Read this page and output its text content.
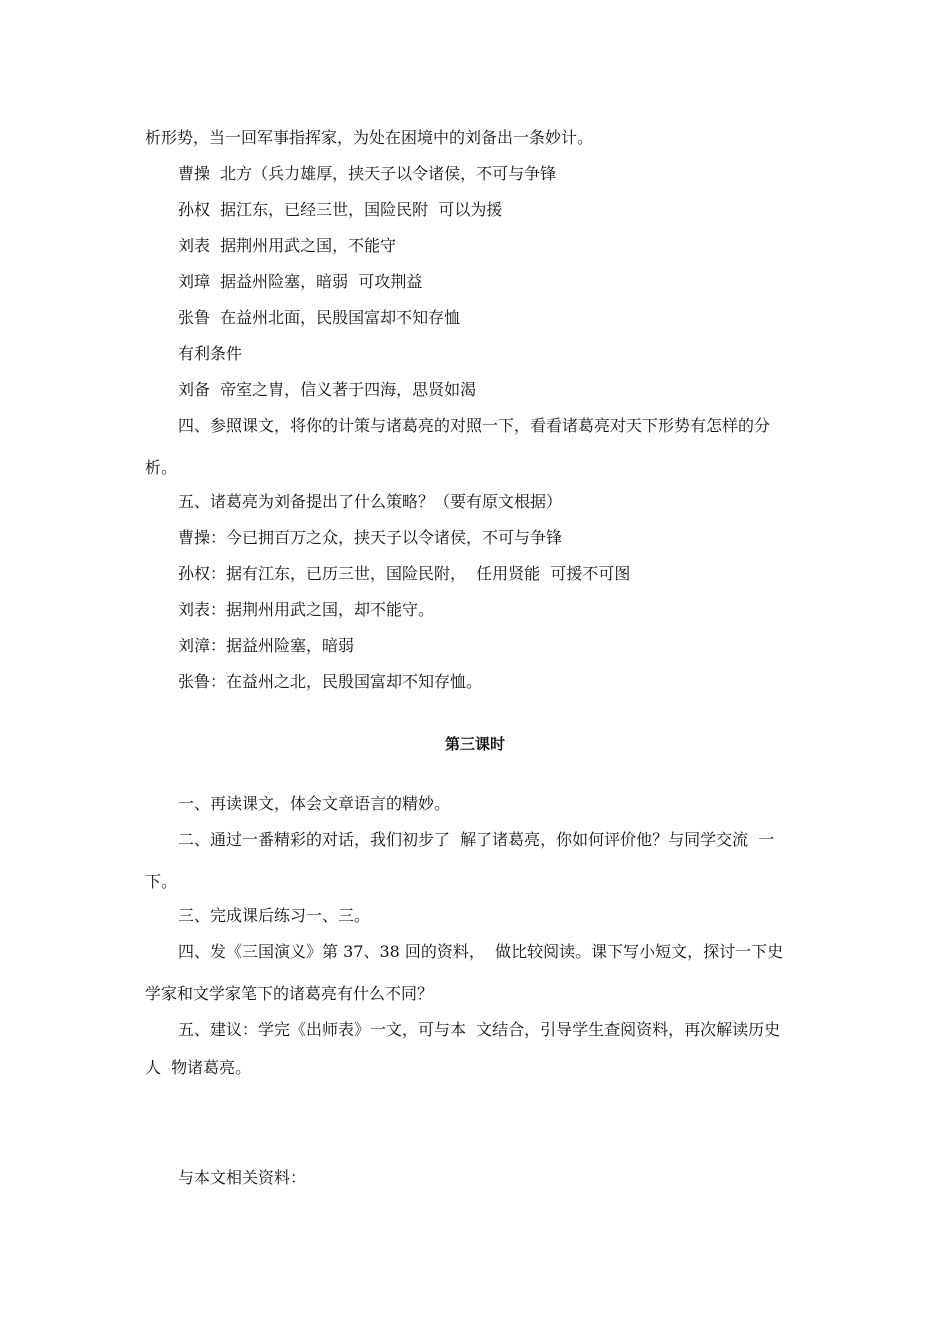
析形势，当一回军事指挥家，为处在困境中的刘备出一条妙计。
曹操  北方（兵力雄厚，挟天子以令诸侯，不可与争锋
孙权  据江东，已经三世，国险民附  可以为援
刘表  据荆州用武之国，不能守
刘璋  据益州险塞，暗弱  可攻荆益
张鲁  在益州北面，民殷国富却不知存恤
有利条件
刘备  帝室之胄，信义著于四海，思贤如渴
四、参照课文，将你的计策与诸葛亮的对照一下，看看诸葛亮对天下形势有怎样的分
析。
五、诸葛亮为刘备提出了什么策略？（要有原文根据）
曹操：今已拥百万之众，挟天子以令诸侯，不可与争锋
孙权：据有江东，已历三世，国险民附，  任用贤能  可援不可图
刘表：据荆州用武之国，却不能守。
刘漳：据益州险塞，暗弱
张鲁：在益州之北，民殷国富却不知存恤。
第三课时
一、再读课文，体会文章语言的精妙。
二、通过一番精彩的对话，我们初步了  解了诸葛亮，你如何评价他？与同学交流  一
下。
三、完成课后练习一、三。
四、发《三国演义》第 37、38 回的资料，  做比较阅读。课下写小短文，探讨一下史
学家和文学家笔下的诸葛亮有什么不同？
五、建议：学完《出师表》一文，可与本  文结合，引导学生查阅资料，再次解读历史
人  物诸葛亮。
与本文相关资料：
